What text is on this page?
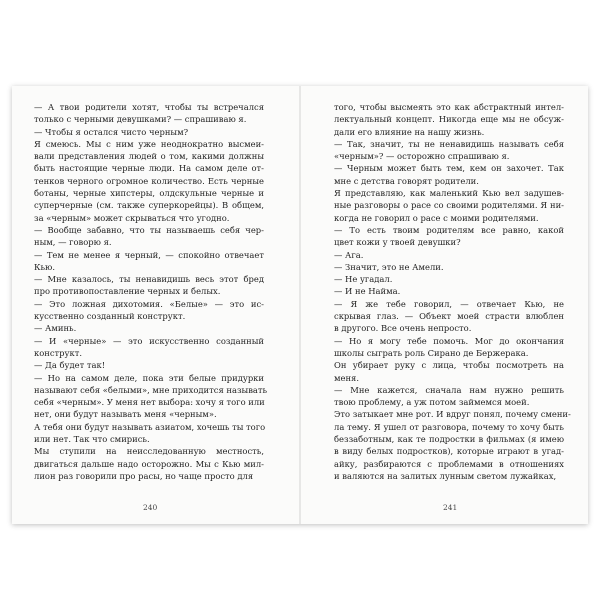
— А твои родители хотят, чтобы ты встречался

только с черными девушками? — спрашиваю я.

— Чтобы я остался чисто черным?

Я смеюсь. Мы с ним уже неоднократно высмеи-

вали представления людей о том, какими должны

быть настоящие черные люди. На самом деле от-

тенков черного огромное количество. Есть черные

ботаны, черные хипстеры, олдскульные черные и

суперчерные (см. также суперкорейцы). В общем,

за «черным» может скрываться что угодно.

— Вообще забавно, что ты называешь себя чер-

ным, — говорю я.

— Тем не менее я черный, — спокойно отвечает

Кью.

— Мне казалось, ты ненавидишь весь этот бред

про противопоставление черных и белых.

— Это ложная дихотомия. «Белые» — это ис-

кусственно созданный конструкт.

— Аминь.

— И «черные» — это искусственно созданный

конструкт.

— Да будет так!

— Но на самом деле, пока эти белые придурки

называют себя «белыми», мне приходится называть

себя «черным». У меня нет выбора: хочу я того или

нет, они будут называть меня «черным».

А тебя они будут называть азиатом, хочешь ты того

или нет. Так что смирись.

Мы ступили на неисследованную местность,

двигаться дальше надо осторожно. Мы с Кью мил-

лион раз говорили про расы, но чаще просто для

240

того, чтобы высмеять это как абстрактный интел-

лектуальный концепт. Никогда еще мы не обсуж-

дали его влияние на нашу жизнь.

— Так, значит, ты не ненавидишь называть себя

«черным»? — осторожно спрашиваю я.

— Черным может быть тем, кем он захочет. Так

мне с детства говорят родители.

Я представляю, как маленький Кью вел задушев-

ные разговоры о расе со своими родителями. Я ни-

когда не говорил о расе с моими родителями.

— То есть твоим родителям все равно, какой

цвет кожи у твоей девушки?

— Ага.

— Значит, это не Амели.

— Не угадал.

— И не Найма.

— Я же тебе говорил, — отвечает Кью, не

скрывая глаз. — Объект моей страсти влюблен

в другого. Все очень непросто.

— Но я могу тебе помочь. Мог до окончания

школы сыграть роль Сирано де Бержерака.

Он убирает руку с лица, чтобы посмотреть на

меня.

— Мне кажется, сначала нам нужно решить

твою проблему, а уж потом займемся моей.

Это затыкает мне рот. И вдруг понял, почему смени-

ла тему. Я ушел от разговора, почему то хочу быть

беззаботным, как те подростки в фильмах (я имею

в виду белых подростков), которые играют в угад-

айку, разбираются с проблемами в отношениях

и валяются на залитых лунным светом лужайках,

241
